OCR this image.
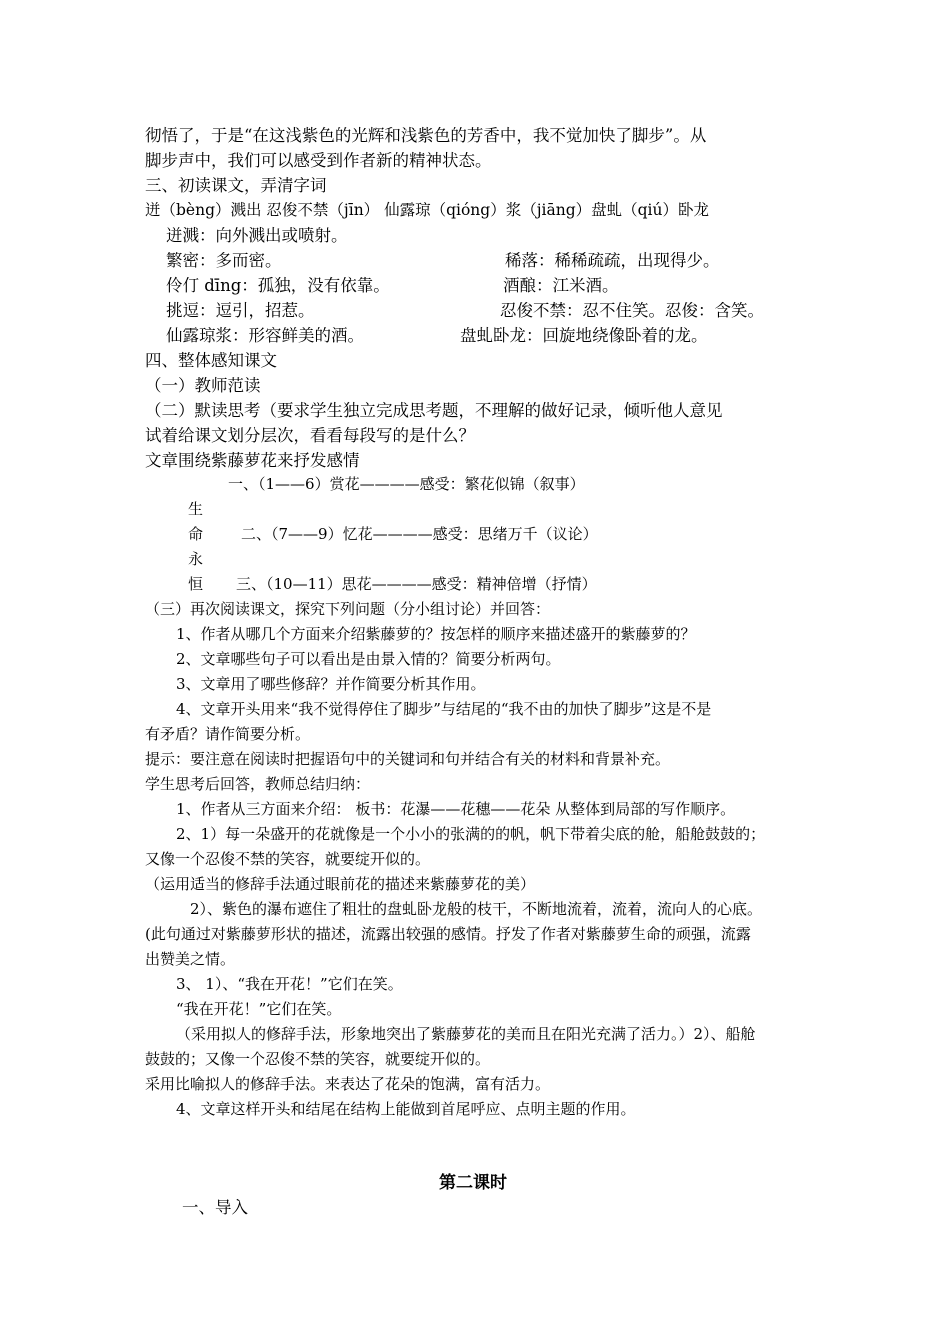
彻悟了，于是“在这浅紫色的光辉和浅紫色的芳香中，我不觉加快了脚步”。从
脚步声中，我们可以感受到作者新的精神状态。
三、初读课文，弄清字词
迸（bèng）溅出 忍俊不禁（jīn） 仙露琼（qióng）浆（jiāng）盘虬（qiú）卧龙
迸溅：向外溅出或喷射。
繁密：多而密。	稀落：稀稀疏疏，出现得少。
伶仃 dīng：孤独，没有依靠。	酒酿：江米酒。
挑逗：逗引，招惹。	忍俊不禁：忍不住笑。忍俊：含笑。
仙露琼浆：形容鲜美的酒。	盘虬卧龙：回旋地绕像卧着的龙。
四、整体感知课文
（一）教师范读
（二）默读思考（要求学生独立完成思考题，不理解的做好记录，倾听他人意见
试着给课文划分层次，看看每段写的是什么？
文章围绕紫藤萝花来抒发感情
一、（1——6）赏花————感受：繁花似锦（叙事）
生
命	二、（7——9）忆花————感受：思绪万千（议论）
永
恒 三、（10—11）思花————感受：精神倍增（抒情）
（三）再次阅读课文，探究下列问题（分小组讨论）并回答：
1、作者从哪几个方面来介绍紫藤萝的？按怎样的顺序来描述盛开的紫藤萝的？
2、文章哪些句子可以看出是由景入情的？简要分析两句。
3、文章用了哪些修辞？并作简要分析其作用。
4、文章开头用来“我不觉得停住了脚步”与结尾的“我不由的加快了脚步”这是不是
有矛盾？请作简要分析。
提示：要注意在阅读时把握语句中的关键词和句并结合有关的材料和背景补充。
学生思考后回答，教师总结归纳：
1、作者从三方面来介绍： 板书：花瀑——花穗——花朵 从整体到局部的写作顺序。
2、1）每一朵盛开的花就像是一个小小的张满的的帆，帆下带着尖底的舱，船舱鼓鼓的；
又像一个忍俊不禁的笑容，就要绽开似的。
（运用适当的修辞手法通过眼前花的描述来紫藤萝花的美）
2）、紫色的瀑布遮住了粗壮的盘虬卧龙般的枝干，不断地流着，流着，流向人的心底。
(此句通过对紫藤萝形状的描述，流露出较强的感情。抒发了作者对紫藤萝生命的顽强，流露
出赞美之情。
3、 1）、“我在开花！”它们在笑。
“我在开花！”它们在笑。
（采用拟人的修辞手法，形象地突出了紫藤萝花的美而且在阳光充满了活力。）2）、船舱
鼓鼓的；又像一个忍俊不禁的笑容，就要绽开似的。
采用比喻拟人的修辞手法。来表达了花朵的饱满，富有活力。
4、文章这样开头和结尾在结构上能做到首尾呼应、点明主题的作用。
第二课时
一、导入
